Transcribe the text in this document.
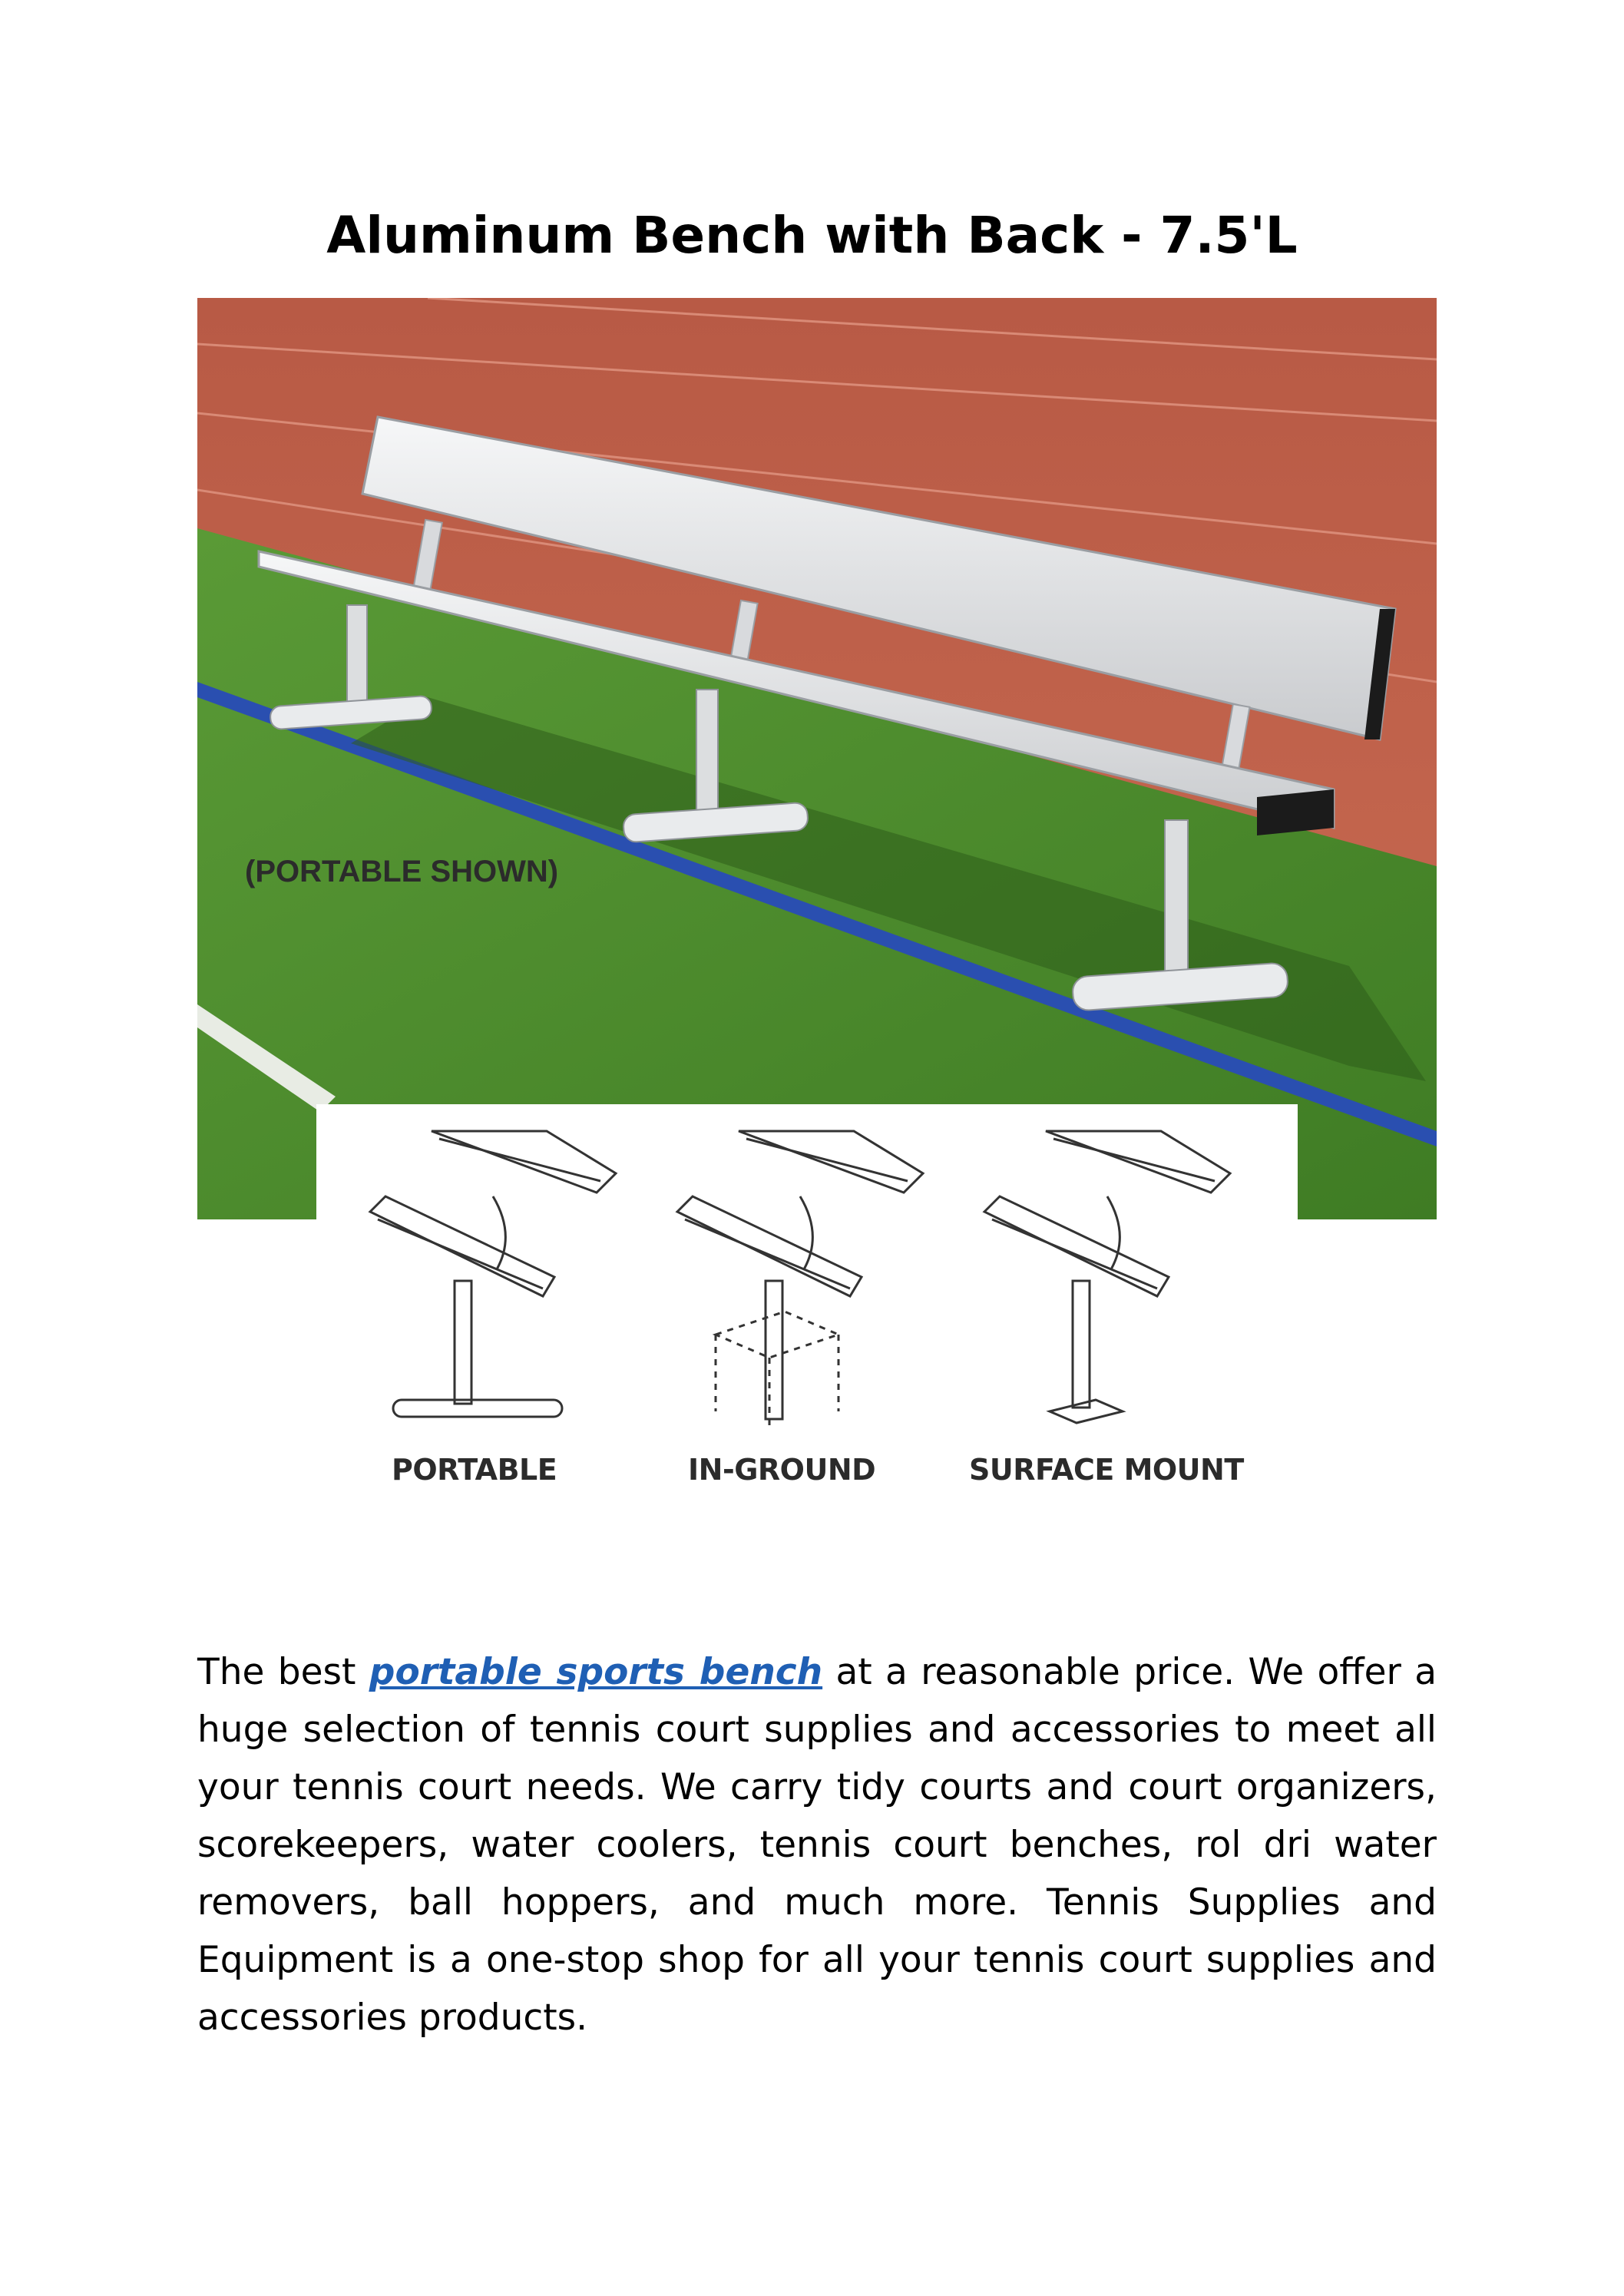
Aluminum Bench with Back - 7.5'L
(PORTABLE SHOWN)
PORTABLE	IN-GROUND	SURFACE MOUNT

The best portable sports bench at a reasonable price. We offer a huge selection of tennis court supplies and accessories to meet all your tennis court needs. We carry tidy courts and court organizers, scorekeepers, water coolers, tennis court benches, rol dri water removers, ball hoppers, and much more. Tennis Supplies and Equipment is a one-stop shop for all your tennis court supplies and accessories products.
